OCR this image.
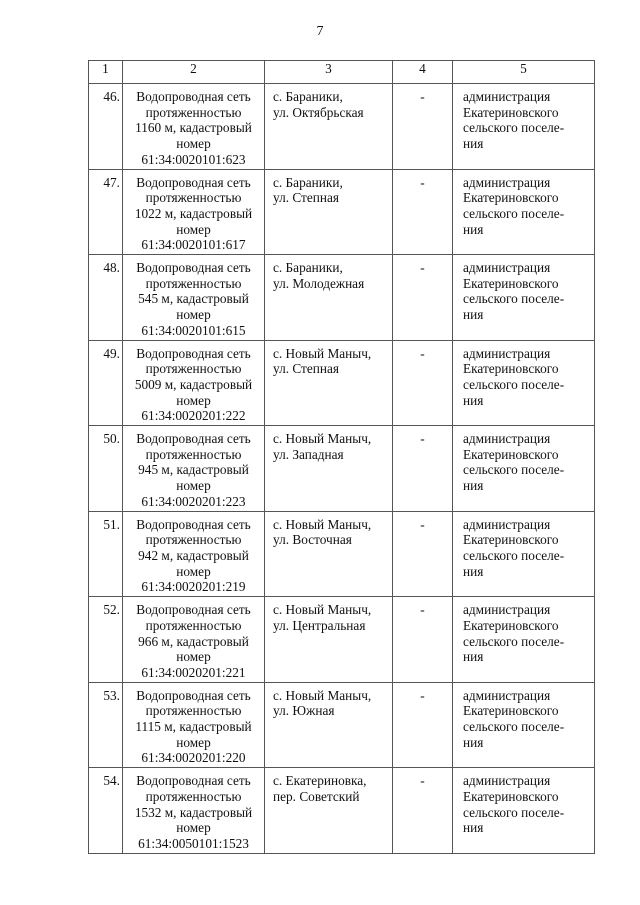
7
1	2	3	4	5
46.	Водопроводная сеть
протяженностью
1160 м, кадастровый
номер
61:34:0020101:623	с. Бараники,
ул. Октябрьская	-	администрация
Екатериновского
сельского поселе-
ния

47.	Водопроводная сеть
протяженностью
1022 м, кадастровый
номер
61:34:0020101:617	с. Бараники,
ул. Степная	-	администрация
Екатериновского
сельского поселе-
ния

48.	Водопроводная сеть
протяженностью
545 м, кадастровый
номер
61:34:0020101:615	с. Бараники,
ул. Молодежная	-	администрация
Екатериновского
сельского поселе-
ния

49.	Водопроводная сеть
протяженностью
5009 м, кадастровый
номер
61:34:0020201:222	с. Новый Маныч,
ул. Степная	-	администрация
Екатериновского
сельского поселе-
ния

50.	Водопроводная сеть
протяженностью
945 м, кадастровый
номер
61:34:0020201:223	с. Новый Маныч,
ул. Западная	-	администрация
Екатериновского
сельского поселе-
ния

51.	Водопроводная сеть
протяженностью
942 м, кадастровый
номер
61:34:0020201:219	с. Новый Маныч,
ул. Восточная	-	администрация
Екатериновского
сельского поселе-
ния

52.	Водопроводная сеть
протяженностью
966 м, кадастровый
номер
61:34:0020201:221	с. Новый Маныч,
ул. Центральная	-	администрация
Екатериновского
сельского поселе-
ния

53.	Водопроводная сеть
протяженностью
1115 м, кадастровый
номер
61:34:0020201:220	с. Новый Маныч,
ул. Южная	-	администрация
Екатериновского
сельского поселе-
ния

54.	Водопроводная сеть
протяженностью
1532 м, кадастровый
номер
61:34:0050101:1523	с. Екатериновка,
пер. Советский	-	администрация
Екатериновского
сельского поселе-
ния
